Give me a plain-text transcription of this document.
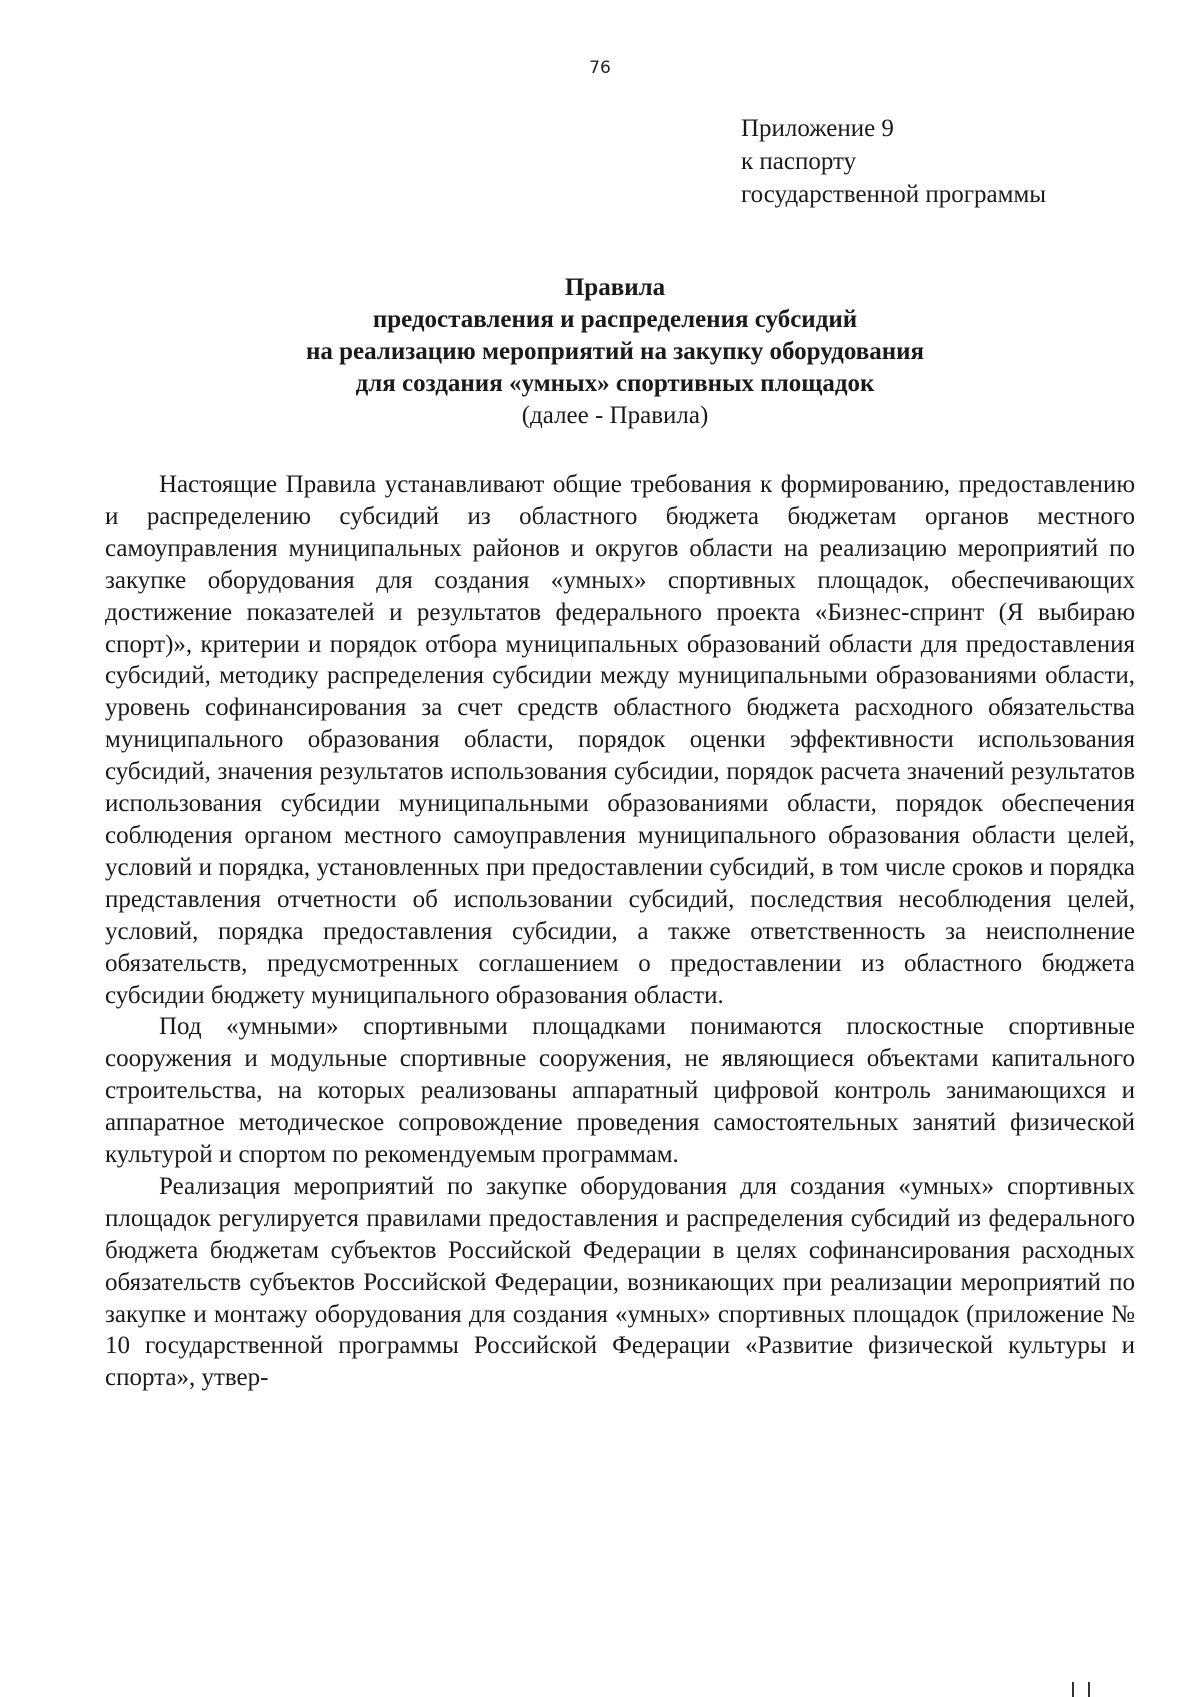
76
Приложение 9
к паспорту
государственной программы
Правила
предоставления и распределения субсидий
на реализацию мероприятий на закупку оборудования
для создания «умных» спортивных площадок
(далее - Правила)

Настоящие Правила устанавливают общие требования к формированию, предоставлению и распределению субсидий из областного бюджета бюджетам органов местного самоуправления муниципальных районов и округов области на реализацию мероприятий по закупке оборудования для создания «умных» спортивных площадок, обеспечивающих достижение показателей и результатов федерального проекта «Бизнес-спринт (Я выбираю спорт)», критерии и порядок отбора муниципальных образований области для предоставления субсидий, методику распределения субсидии между муниципальными образованиями области, уровень софинансирования за счет средств областного бюджета расходного обязательства муниципального образования области, порядок оценки эффективности использования субсидий, значения результатов использования субсидии, порядок расчета значений результатов использования субсидии муниципальными образованиями области, порядок обеспечения соблюдения органом местного самоуправления муниципального образования области целей, условий и порядка, установленных при предоставлении субсидий, в том числе сроков и порядка представления отчетности об использовании субсидий, последствия несоблюдения целей, условий, порядка предоставления субсидии, а также ответственность за неисполнение обязательств, предусмотренных соглашением о предоставлении из областного бюджета субсидии бюджету муниципального образования области.

Под «умными» спортивными площадками понимаются плоскостные спортивные сооружения и модульные спортивные сооружения, не являющиеся объектами капитального строительства, на которых реализованы аппаратный цифровой контроль занимающихся и аппаратное методическое сопровождение проведения самостоятельных занятий физической культурой и спортом по рекомендуемым программам.

Реализация мероприятий по закупке оборудования для создания «умных» спортивных площадок регулируется правилами предоставления и распределения субсидий из федерального бюджета бюджетам субъектов Российской Федерации в целях софинансирования расходных обязательств субъектов Российской Федерации, возникающих при реализации мероприятий по закупке и монтажу оборудования для создания «умных» спортивных площадок (приложение № 10 государственной программы Российской Федерации «Развитие физической культуры и спорта», утвер-
